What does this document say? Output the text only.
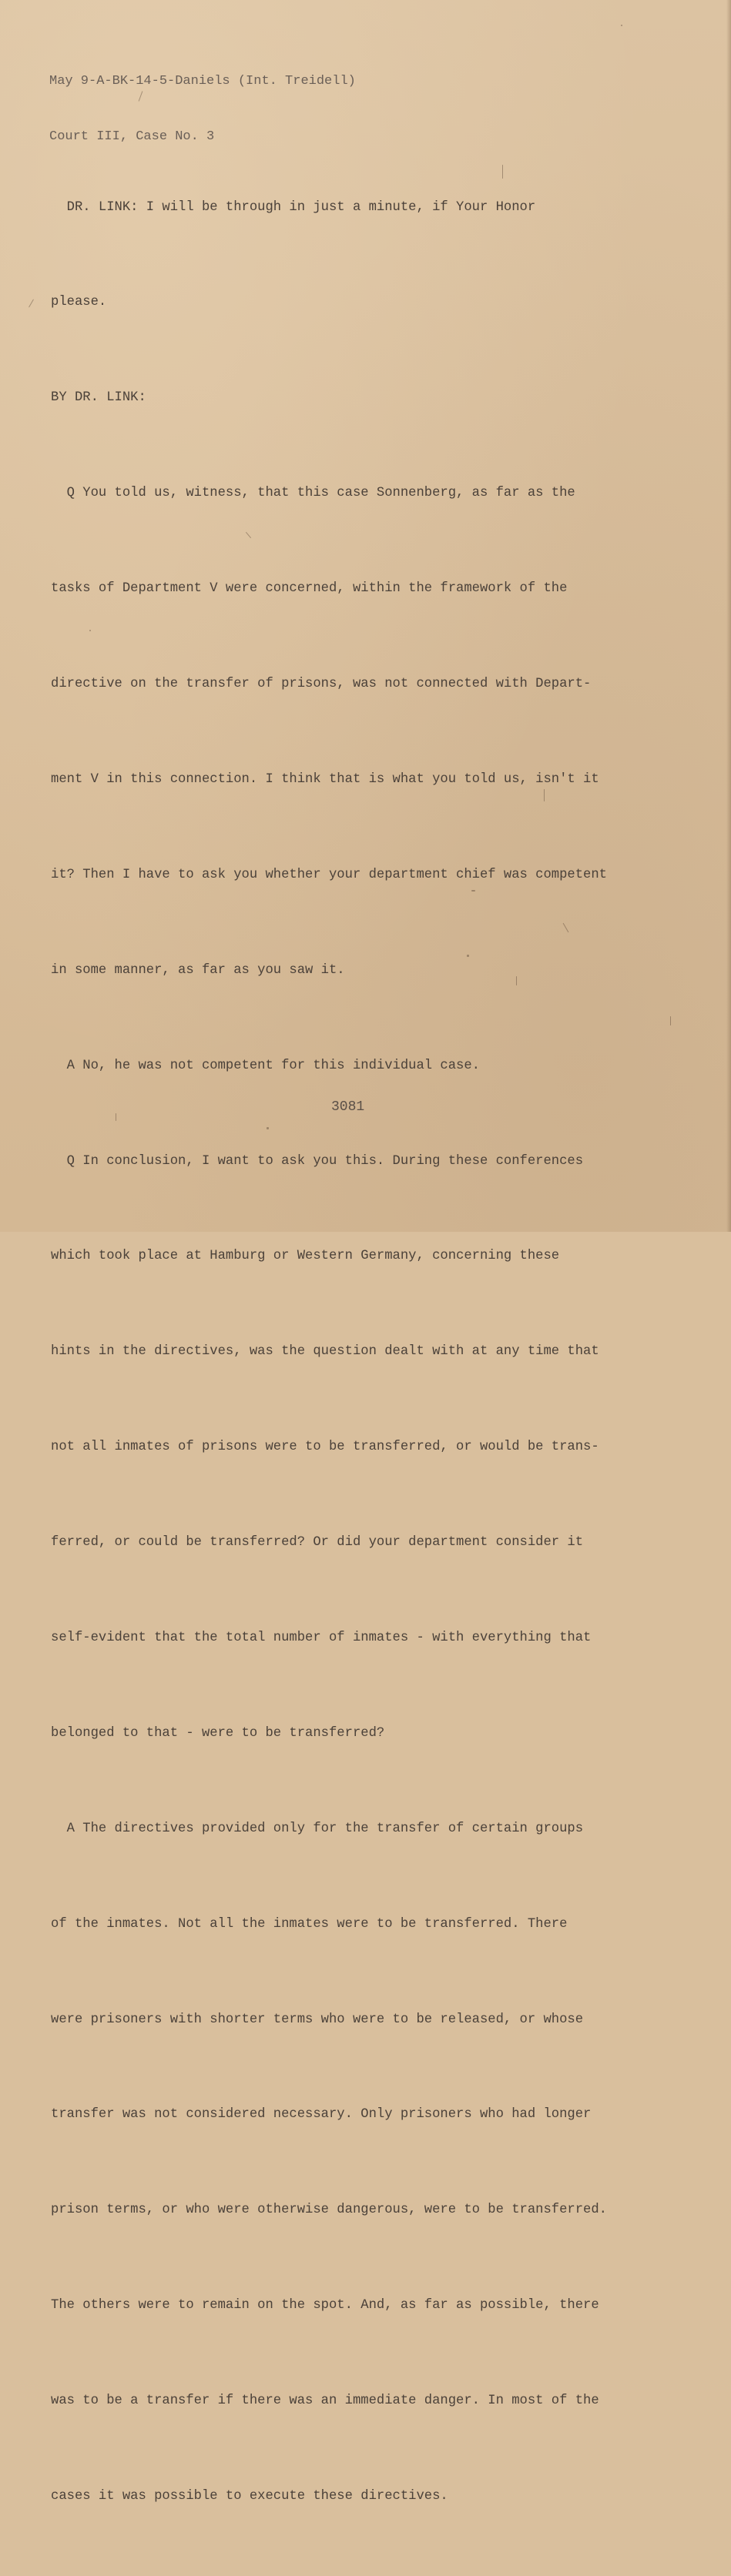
May 9-A-BK-14-5-Daniels (Int. Treidell)

Court III, Case No. 3

DR. LINK: I will be through in just a minute, if Your Honor

please.

BY DR. LINK:

Q You told us, witness, that this case Sonnenberg, as far as the

tasks of Department V were concerned, within the framework of the

directive on the transfer of prisons, was not connected with Depart-

ment V in this connection. I think that is what you told us, isn't it

it? Then I have to ask you whether your department chief was competent

in some manner, as far as you saw it.

A No, he was not competent for this individual case.

Q In conclusion, I want to ask you this. During these conferences

which took place at Hamburg or Western Germany, concerning these

hints in the directives, was the question dealt with at any time that

not all inmates of prisons were to be transferred, or would be trans-

ferred, or could be transferred? Or did your department consider it

self-evident that the total number of inmates - with everything that

belonged to that - were to be transferred?

A The directives provided only for the transfer of certain groups

of the inmates. Not all the inmates were to be transferred. There

were prisoners with shorter terms who were to be released, or whose

transfer was not considered necessary. Only prisoners who had longer

prison terms, or who were otherwise dangerous, were to be transferred.

The others were to remain on the spot. And, as far as possible, there

was to be a transfer if there was an immediate danger. In most of the

cases it was possible to execute these directives.

3081
